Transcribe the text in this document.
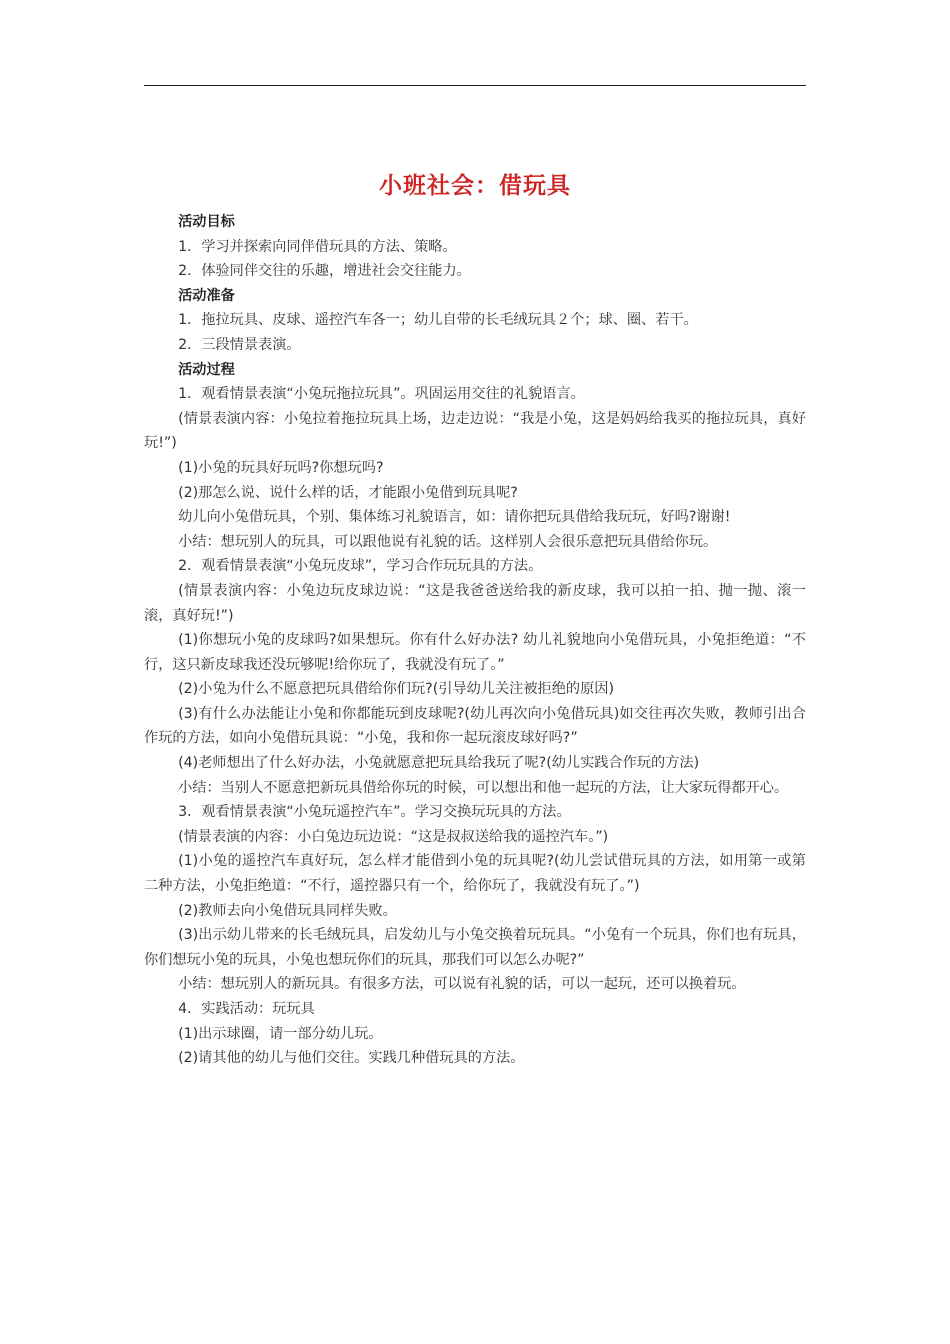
小班社会：借玩具

活动目标

1．学习并探索向同伴借玩具的方法、策略。

2．体验同伴交往的乐趣，增进社会交往能力。

活动准备

1．拖拉玩具、皮球、遥控汽车各一；幼儿自带的长毛绒玩具２个；球、圈、若干。

2．三段情景表演。

活动过程

1．观看情景表演“小兔玩拖拉玩具”。巩固运用交往的礼貌语言。

(情景表演内容：小兔拉着拖拉玩具上场，边走边说：“我是小兔，这是妈妈给我买的拖拉玩具，真好玩!”)

(1)小兔的玩具好玩吗?你想玩吗?

(2)那怎么说、说什么样的话，才能跟小兔借到玩具呢?

幼儿向小兔借玩具，个别、集体练习礼貌语言，如：请你把玩具借给我玩玩，好吗?谢谢!

小结：想玩别人的玩具，可以跟他说有礼貌的话。这样别人会很乐意把玩具借给你玩。

2．观看情景表演“小兔玩皮球”，学习合作玩玩具的方法。

(情景表演内容：小兔边玩皮球边说：“这是我爸爸送给我的新皮球，我可以拍一拍、抛一抛、滚一滚，真好玩!”)

(1)你想玩小兔的皮球吗?如果想玩。你有什么好办法? 幼儿礼貌地向小兔借玩具，小兔拒绝道：“不行，这只新皮球我还没玩够呢!给你玩了，我就没有玩了。”

(2)小兔为什么不愿意把玩具借给你们玩?(引导幼儿关注被拒绝的原因)

(3)有什么办法能让小兔和你都能玩到皮球呢?(幼儿再次向小兔借玩具)如交往再次失败，教师引出合作玩的方法，如向小兔借玩具说：“小兔，我和你一起玩滚皮球好吗?”

(4)老师想出了什么好办法，小兔就愿意把玩具给我玩了呢?(幼儿实践合作玩的方法)

小结：当别人不愿意把新玩具借给你玩的时候，可以想出和他一起玩的方法，让大家玩得都开心。

3．观看情景表演“小兔玩遥控汽车”。学习交换玩玩具的方法。

(情景表演的内容：小白兔边玩边说：“这是叔叔送给我的遥控汽车。”)

(1)小兔的遥控汽车真好玩，怎么样才能借到小兔的玩具呢?(幼儿尝试借玩具的方法，如用第一或第二种方法，小兔拒绝道：“不行，遥控器只有一个，给你玩了，我就没有玩了。”)

(2)教师去向小兔借玩具同样失败。

(3)出示幼儿带来的长毛绒玩具，启发幼儿与小兔交换着玩玩具。“小兔有一个玩具，你们也有玩具，你们想玩小兔的玩具，小兔也想玩你们的玩具，那我们可以怎么办呢?”

小结：想玩别人的新玩具。有很多方法，可以说有礼貌的话，可以一起玩，还可以换着玩。

4．实践活动：玩玩具

(1)出示球圈，请一部分幼儿玩。

(2)请其他的幼儿与他们交往。实践几种借玩具的方法。
